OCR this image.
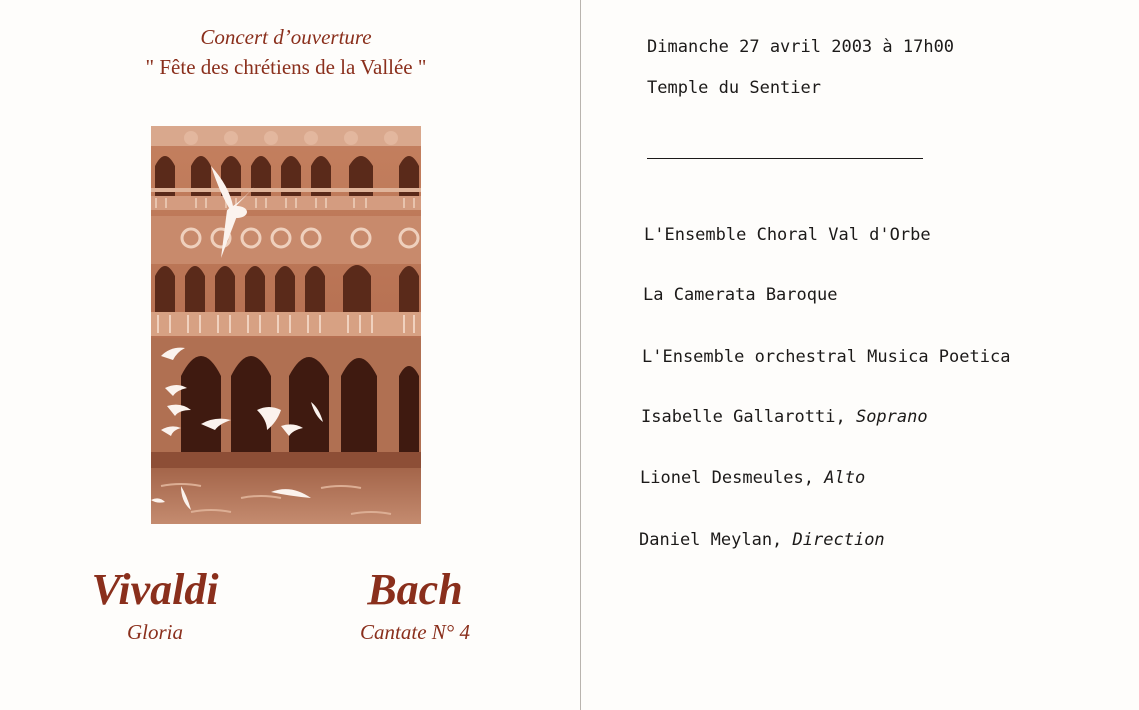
Concert d’ouverture
" Fête des chrétiens de la Vallée "
Vivaldi
Gloria
Bach
Cantate N° 4
Dimanche 27 avril 2003 à 17h00
Temple du Sentier
L'Ensemble Choral Val d'Orbe
La Camerata Baroque
L'Ensemble orchestral Musica Poetica
Isabelle Gallarotti, Soprano
Lionel Desmeules, Alto
Daniel Meylan, Direction
